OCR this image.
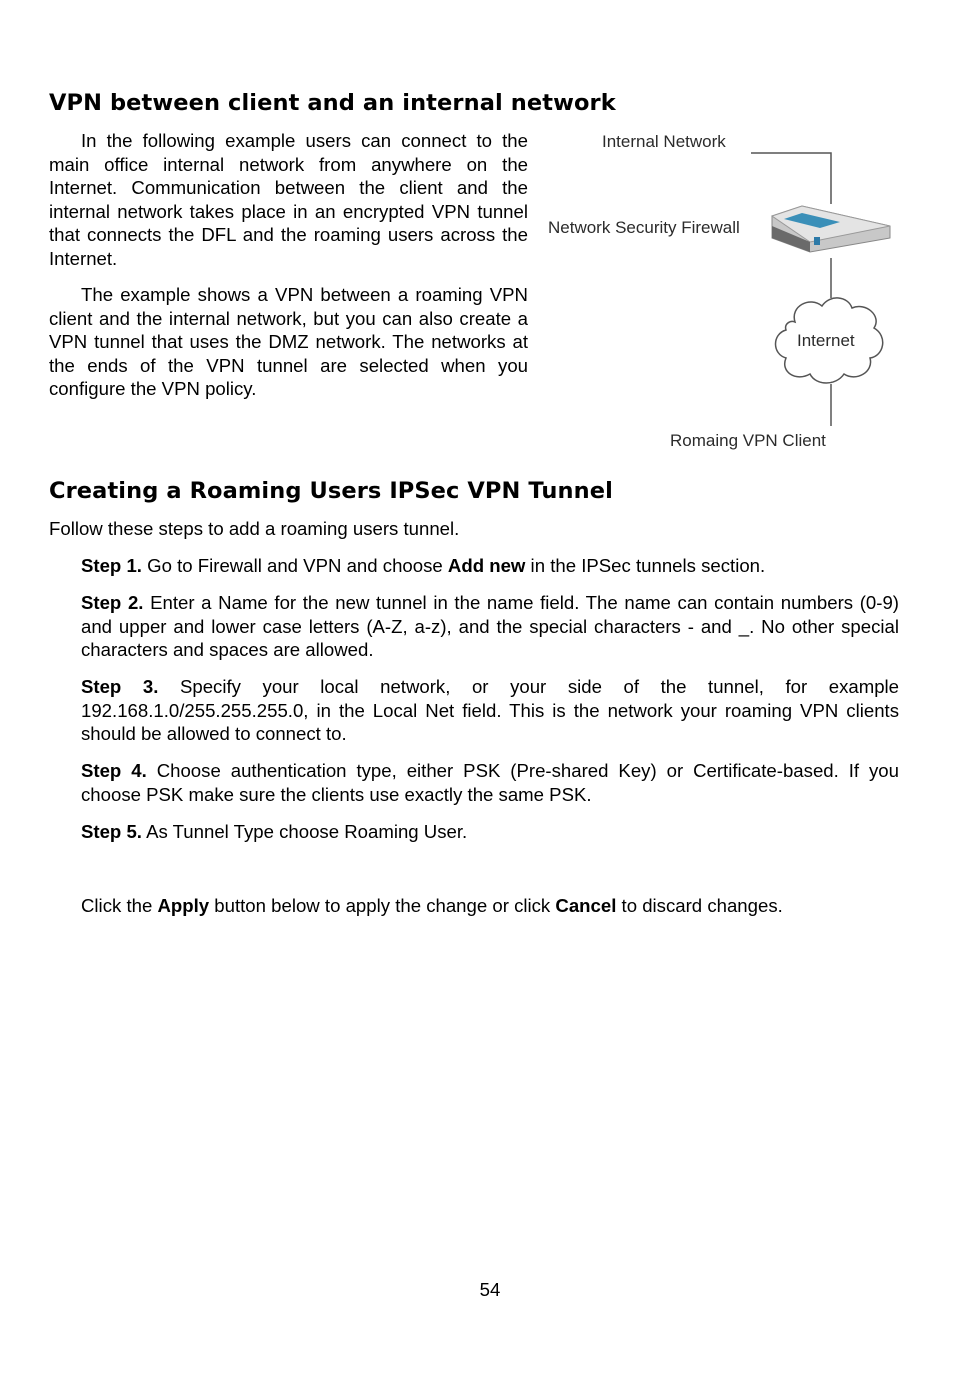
VPN between client and an internal network

In the following example users can connect to the main office internal network from anywhere on the Internet. Communication between the client and the internal network takes place in an encrypted VPN tunnel that connects the DFL and the roaming users across the Internet.

The example shows a VPN between a roaming VPN client and the internal network, but you can also create a VPN tunnel that uses the DMZ network. The networks at the ends of the VPN tunnel are selected when you configure the VPN policy.

Internal Network
Network Security Firewall
Internet
Romaing VPN Client
Creating a Roaming Users IPSec VPN Tunnel

Follow these steps to add a roaming users tunnel.

Step 1. Go to Firewall and VPN and choose Add new in the IPSec tunnels section.

Step 2. Enter a Name for the new tunnel in the name field. The name can contain numbers (0-9) and upper and lower case letters (A-Z, a-z), and the special characters - and _. No other special characters and spaces are allowed.

Step 3. Specify your local network, or your side of the tunnel, for example 192.168.1.0/255.255.255.0, in the Local Net field. This is the network your roaming VPN clients should be allowed to connect to.

Step 4. Choose authentication type, either PSK (Pre-shared Key) or Certificate-based. If you choose PSK make sure the clients use exactly the same PSK.

Step 5. As Tunnel Type choose Roaming User.

Click the Apply button below to apply the change or click Cancel to discard changes.

54
